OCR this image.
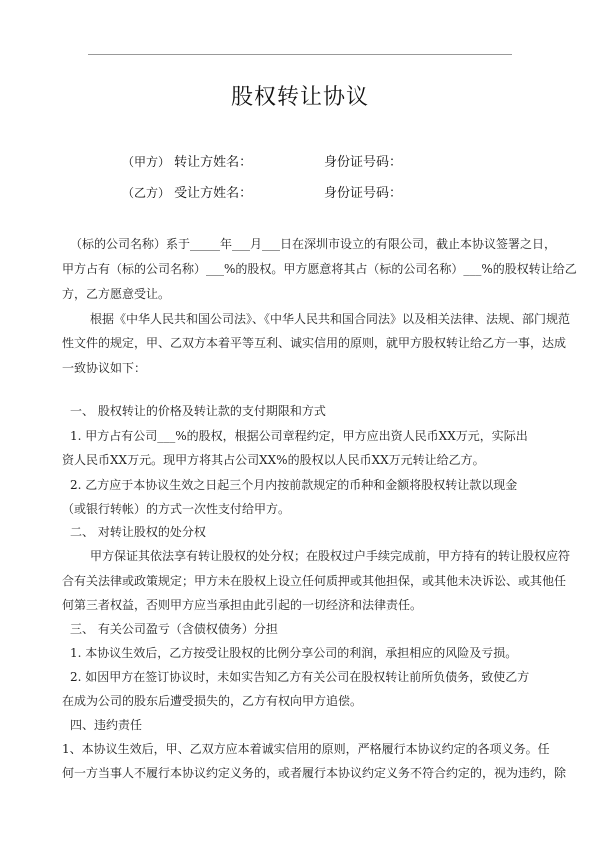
股权转让协议
（甲方） 转让方姓名：	身份证号码：
（乙方） 受让方姓名：	身份证号码：
（标的公司名称）系于_____年___月___日在深圳市设立的有限公司，截止本协议签署之日，
甲方占有（标的公司名称）___%的股权。甲方愿意将其占（标的公司名称）___%的股权转让给乙
方，乙方愿意受让。
根据《中华人民共和国公司法》、《中华人民共和国合同法》以及相关法律、法规、部门规范
性文件的规定，甲、乙双方本着平等互利、诚实信用的原则，就甲方股权转让给乙方一事，达成
一致协议如下：
一、 股权转让的价格及转让款的支付期限和方式
1. 甲方占有公司___%的股权，根据公司章程约定，甲方应出资人民币XX万元，实际出
资人民币XX万元。现甲方将其占公司XX%的股权以人民币XX万元转让给乙方。
2. 乙方应于本协议生效之日起三个月内按前款规定的币种和金额将股权转让款以现金
（或银行转帐）的方式一次性支付给甲方。
二、 对转让股权的处分权
甲方保证其依法享有转让股权的处分权；在股权过户手续完成前，甲方持有的转让股权应符
合有关法律或政策规定；甲方未在股权上设立任何质押或其他担保，或其他未决诉讼、或其他任
何第三者权益，否则甲方应当承担由此引起的一切经济和法律责任。
三、 有关公司盈亏（含债权债务）分担
1. 本协议生效后，乙方按受让股权的比例分享公司的利润，承担相应的风险及亏损。
2. 如因甲方在签订协议时，未如实告知乙方有关公司在股权转让前所负债务，致使乙方
在成为公司的股东后遭受损失的，乙方有权向甲方追偿。
四、违约责任
1、本协议生效后，甲、乙双方应本着诚实信用的原则，严格履行本协议约定的各项义务。任
何一方当事人不履行本协议约定义务的，或者履行本协议约定义务不符合约定的，视为违约，除
